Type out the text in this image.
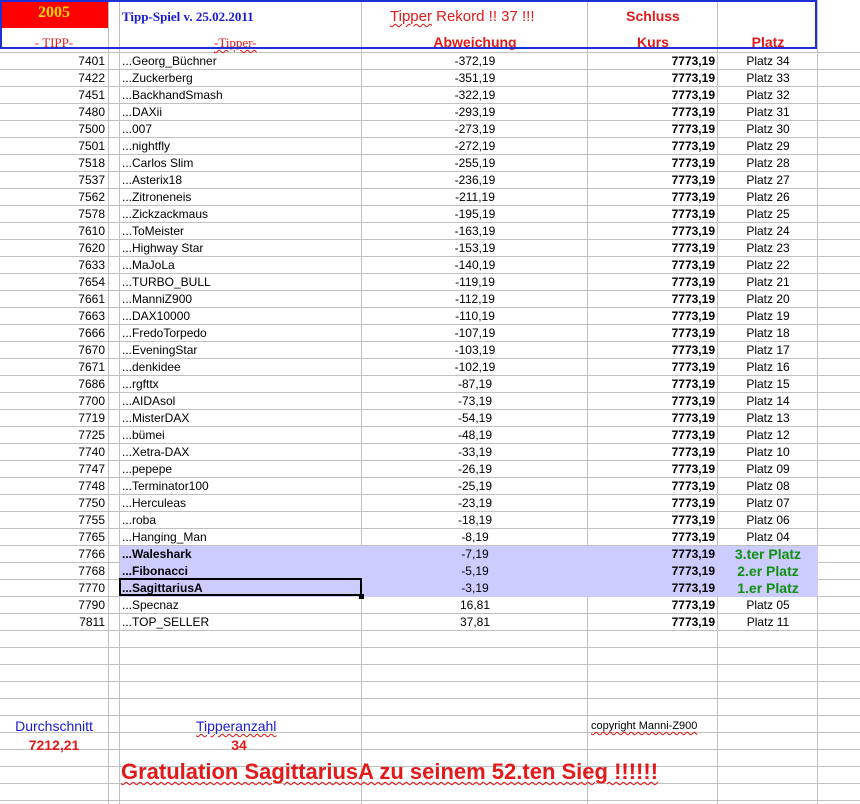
2005	Tipp-Spiel v. 25.02.2011	Tipper Rekord !! 37 !!!	Schluss
- TIPP-	-Tipper-	Abweichung	Kurs	Platz
7401 ...Georg_Büchner	-372,19	7773,19	Platz 34
7422 ...Zuckerberg	-351,19	7773,19	Platz 33
7451 ...BackhandSmash	-322,19	7773,19	Platz 32
7480 ...DAXii	-293,19	7773,19	Platz 31
7500 ...007	-273,19	7773,19	Platz 30
7501 ...nightfly	-272,19	7773,19	Platz 29
7518 ...Carlos Slim	-255,19	7773,19	Platz 28
7537 ...Asterix18	-236,19	7773,19	Platz 27
7562 ...Zitroneneis	-211,19	7773,19	Platz 26
7578 ...Zickzackmaus	-195,19	7773,19	Platz 25
7610 ...ToMeister	-163,19	7773,19	Platz 24
7620 ...Highway Star	-153,19	7773,19	Platz 23
7633 ...MaJoLa	-140,19	7773,19	Platz 22
7654 ...TURBO_BULL	-119,19	7773,19	Platz 21
7661 ...ManniZ900	-112,19	7773,19	Platz 20
7663 ...DAX10000	-110,19	7773,19	Platz 19
7666 ...FredoTorpedo	-107,19	7773,19	Platz 18
7670 ...EveningStar	-103,19	7773,19	Platz 17
7671 ...denkidee	-102,19	7773,19	Platz 16
7686 ...rgfttx	-87,19	7773,19	Platz 15
7700 ...AIDAsol	-73,19	7773,19	Platz 14
7719 ...MisterDAX	-54,19	7773,19	Platz 13
7725 ...bümei	-48,19	7773,19	Platz 12
7740 ...Xetra-DAX	-33,19	7773,19	Platz 10
7747 ...pepepe	-26,19	7773,19	Platz 09
7748 ...Terminator100	-25,19	7773,19	Platz 08
7750 ...Herculeas	-23,19	7773,19	Platz 07
7755 ...roba	-18,19	7773,19	Platz 06
7765 ...Hanging_Man	-8,19	7773,19	Platz 04
7766 ...Waleshark	-7,19	7773,19	3.ter Platz
7768 ...Fibonacci	-5,19	7773,19	2.er Platz
7770 ...SagittariusA	-3,19	7773,19	1.er Platz
7790 ...Specnaz	16,81	7773,19	Platz 05
7811 ...TOP_SELLER	37,81	7773,19	Platz 11
Durchschnitt
7212,21
Tipperanzahl
34
copyright Manni-Z900
Gratulation SagittariusA zu seinem 52.ten Sieg !!!!!!
